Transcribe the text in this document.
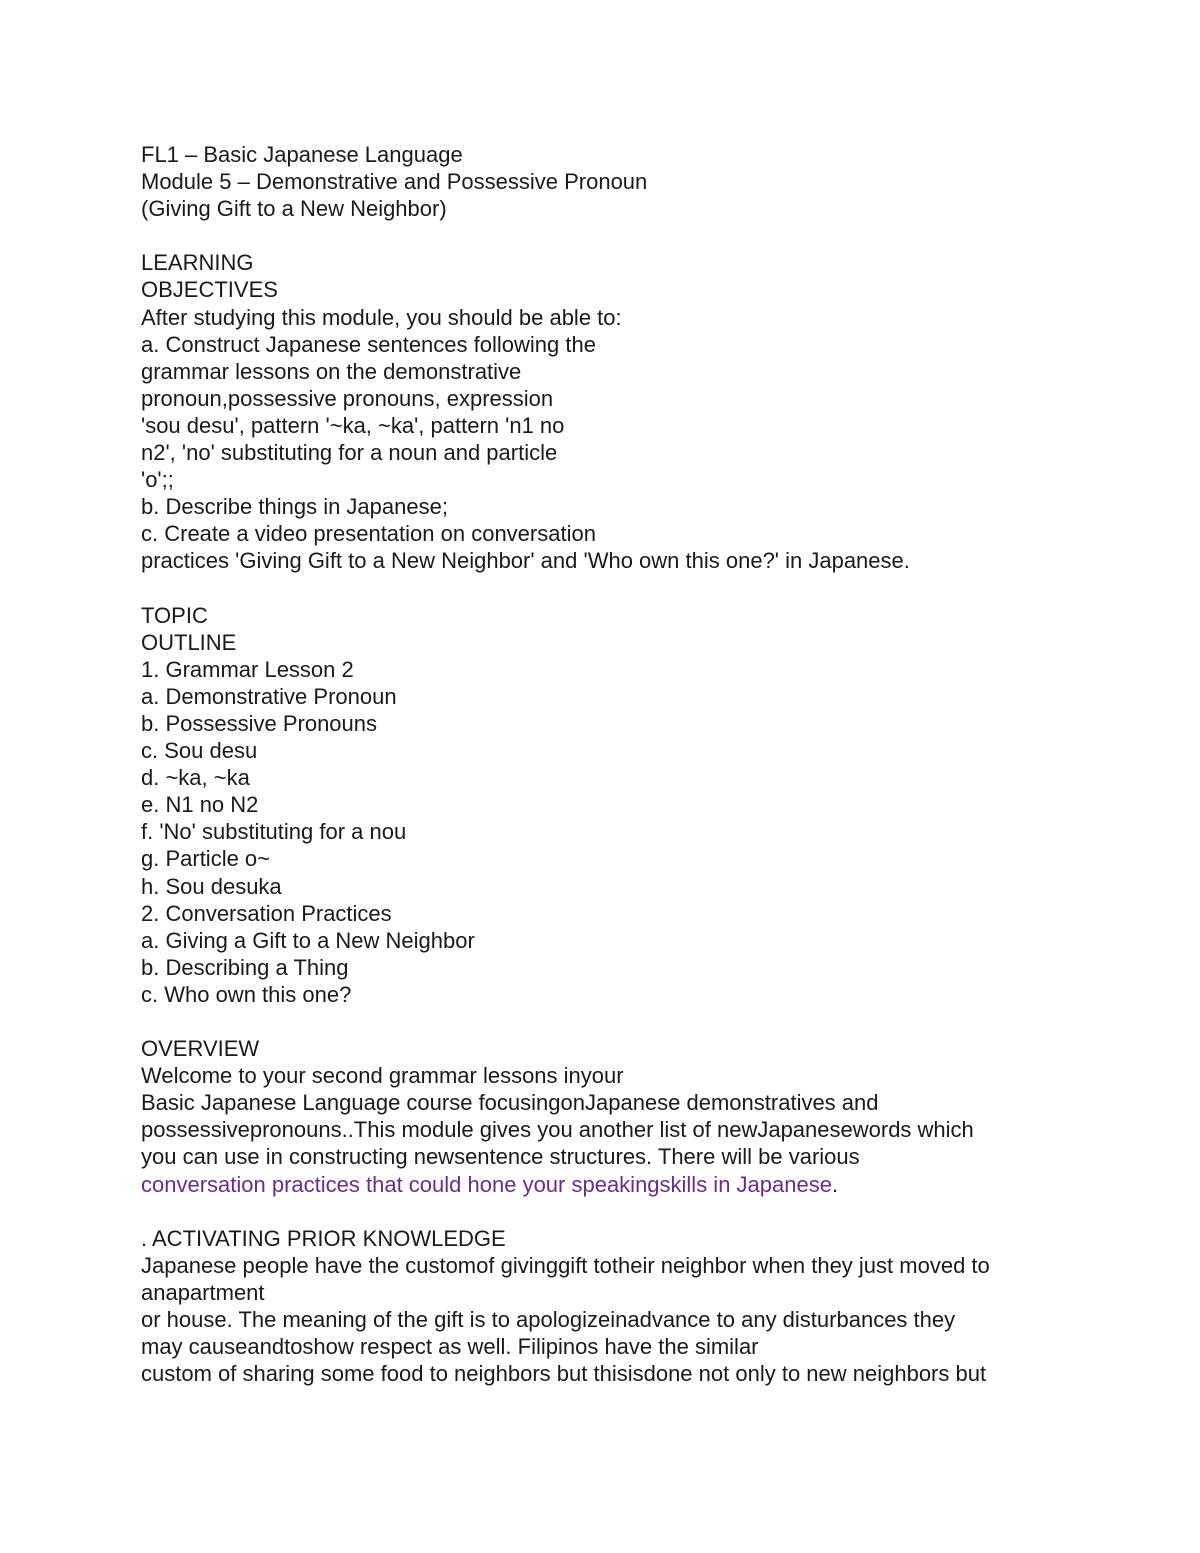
FL1 – Basic Japanese Language
Module 5 – Demonstrative and Possessive Pronoun
(Giving Gift to a New Neighbor)
LEARNING
OBJECTIVES
After studying this module, you should be able to:
a. Construct Japanese sentences following the
grammar lessons on the demonstrative
pronoun,possessive pronouns, expression
'sou desu', pattern '~ka, ~ka', pattern 'n1 no
n2', 'no' substituting for a noun and particle
'o';;
b. Describe things in Japanese;
c. Create a video presentation on conversation
practices 'Giving Gift to a New Neighbor' and 'Who own this one?' in Japanese.
TOPIC
OUTLINE
1. Grammar Lesson 2
a. Demonstrative Pronoun
b. Possessive Pronouns
c. Sou desu
d. ~ka, ~ka
e. N1 no N2
f. 'No' substituting for a nou
g. Particle o~
h. Sou desuka
2. Conversation Practices
a. Giving a Gift to a New Neighbor
b. Describing a Thing
c. Who own this one?
OVERVIEW
Welcome to your second grammar lessons inyour
Basic Japanese Language course focusingonJapanese demonstratives and
possessivepronouns..This module gives you another list of newJapanesewords which
you can use in constructing newsentence structures. There will be various
conversation practices that could hone your speakingskills in Japanese.
. ACTIVATING PRIOR KNOWLEDGE
Japanese people have the customof givinggift totheir neighbor when they just moved to
anapartment
or house. The meaning of the gift is to apologizeinadvance to any disturbances they
may causeandtoshow respect as well. Filipinos have the similar
custom of sharing some food to neighbors but thisisdone not only to new neighbors but
